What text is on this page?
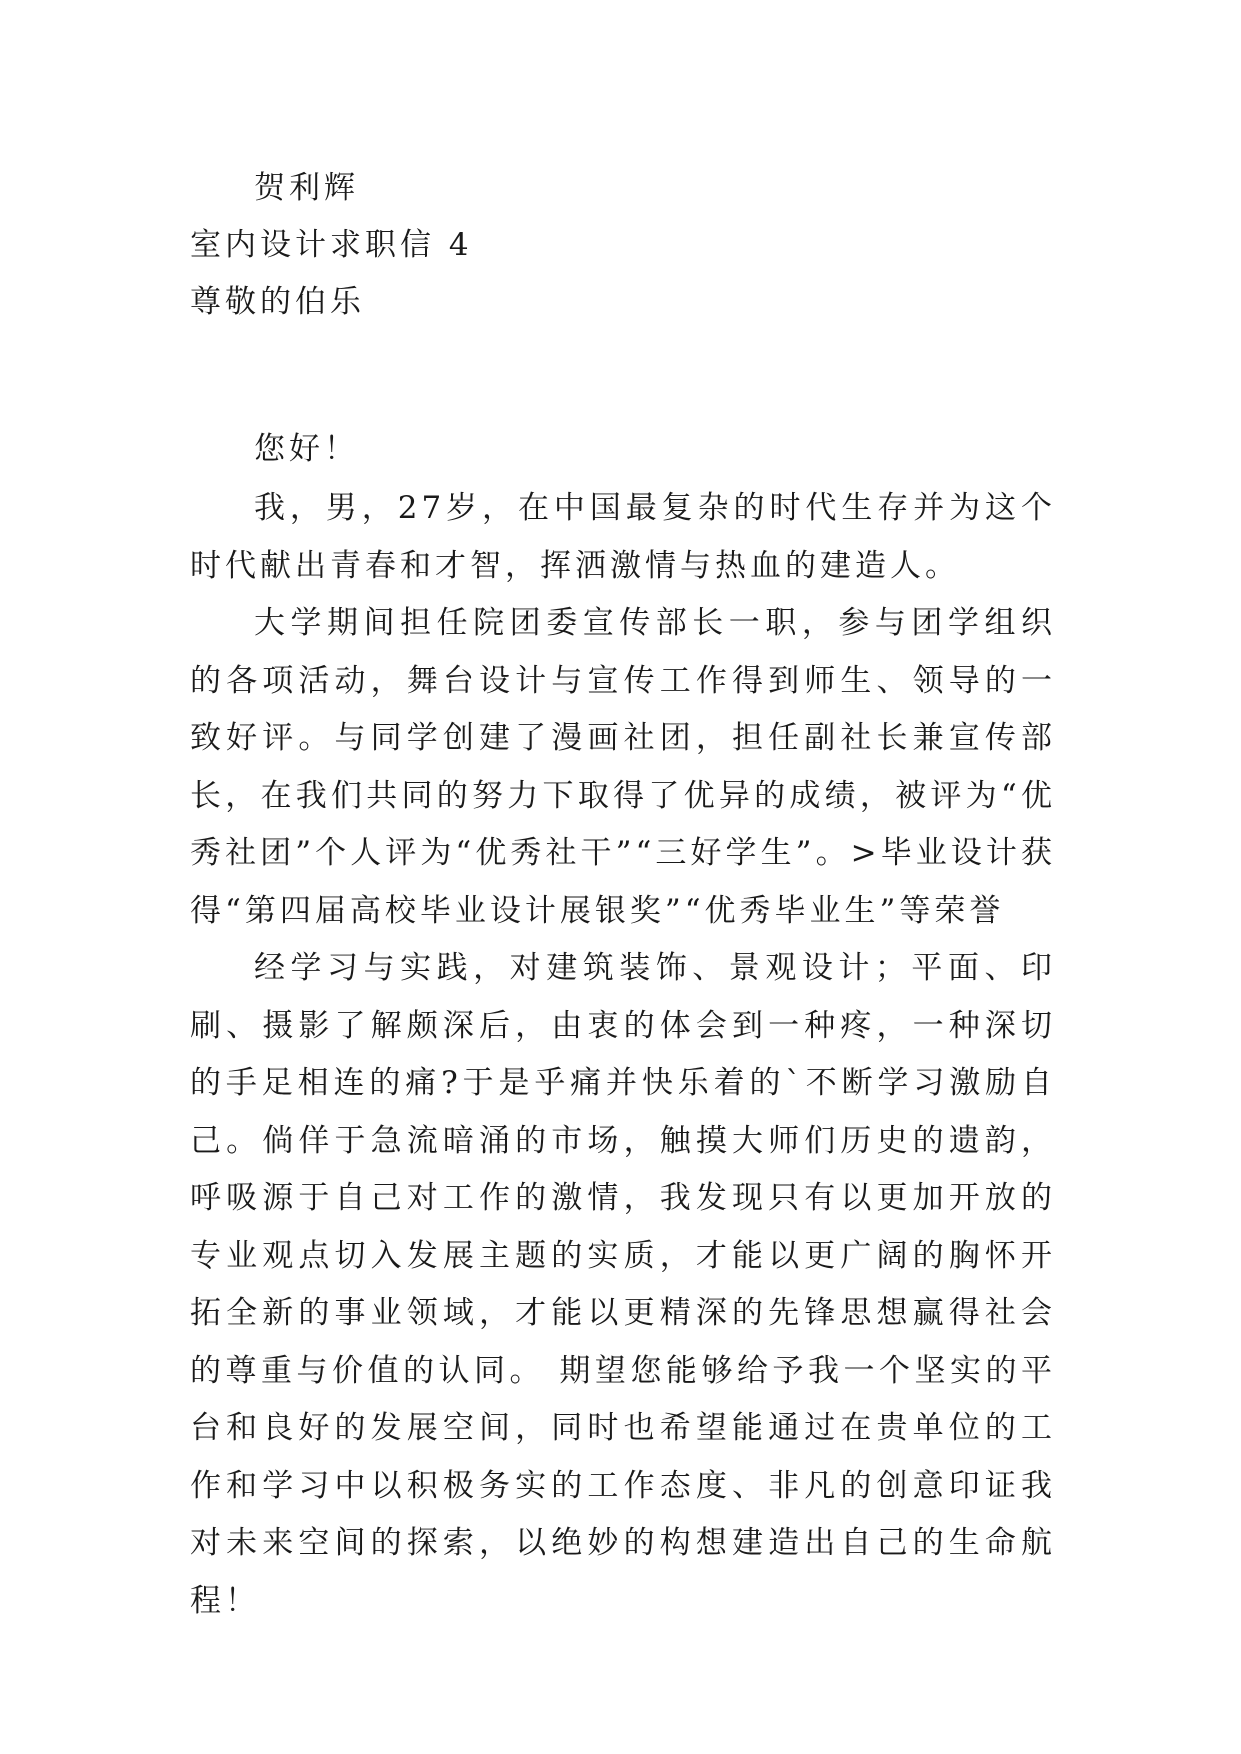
贺利辉
室内设计求职信 4
尊敬的伯乐
您好！

我，男，27岁，在中国最复杂的时代生存并为这个时代献出青春和才智，挥洒激情与热血的建造人。

大学期间担任院团委宣传部长一职，参与团学组织的各项活动，舞台设计与宣传工作得到师生、领导的一致好评。与同学创建了漫画社团，担任副社长兼宣传部长，在我们共同的努力下取得了优异的成绩，被评为“优秀社团”个人评为“优秀社干”“三好学生”。>毕业设计获得“第四届高校毕业设计展银奖”“优秀毕业生”等荣誉

经学习与实践，对建筑装饰、景观设计；平面、印刷、摄影了解颇深后，由衷的体会到一种疼，一种深切的手足相连的痛?于是乎痛并快乐着的`不断学习激励自己。倘佯于急流暗涌的市场，触摸大师们历史的遗韵，呼吸源于自己对工作的激情，我发现只有以更加开放的专业观点切入发展主题的实质，才能以更广阔的胸怀开拓全新的事业领域，才能以更精深的先锋思想赢得社会的尊重与价值的认同。 期望您能够给予我一个坚实的平台和良好的发展空间，同时也希望能通过在贵单位的工作和学习中以积极务实的工作态度、非凡的创意印证我对未来空间的探索，以绝妙的构想建造出自己的生命航程！
